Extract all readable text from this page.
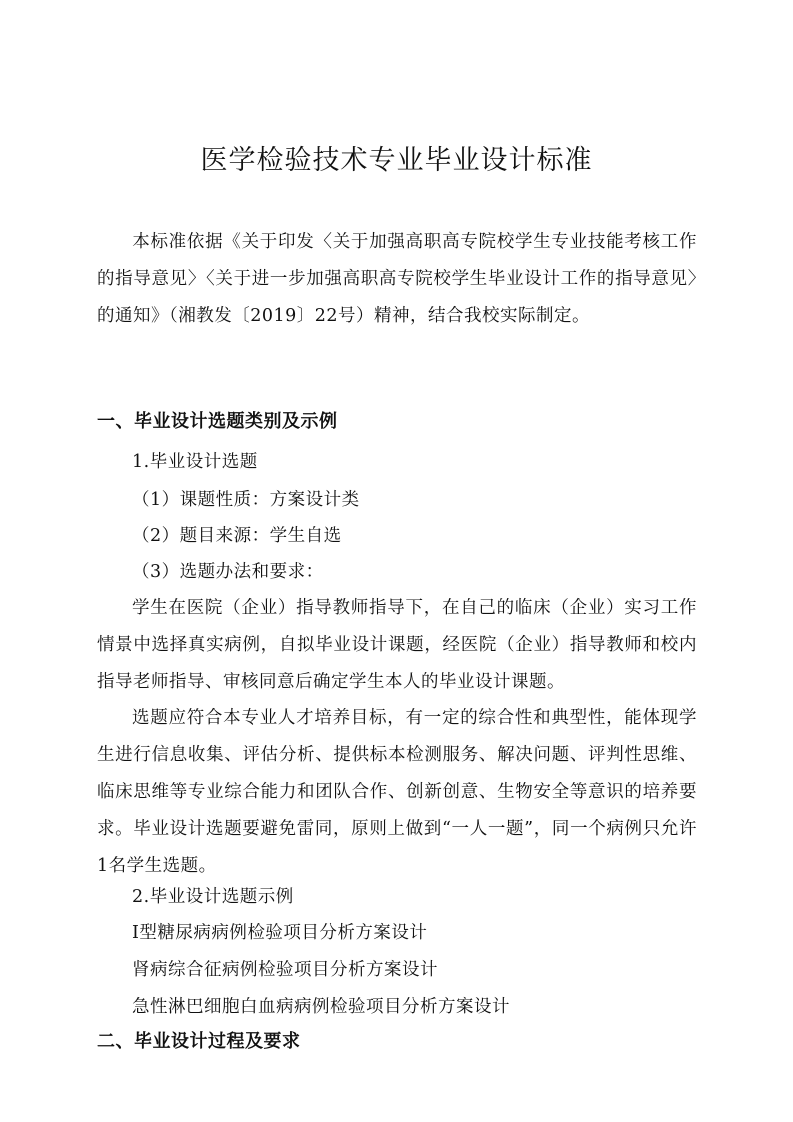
医学检验技术专业毕业设计标准

本标准依据《关于印发〈关于加强高职高专院校学生专业技能考核工作的指导意见〉〈关于进一步加强高职高专院校学生毕业设计工作的指导意见〉的通知》（湘教发〔2019〕22号）精神，结合我校实际制定。

一、毕业设计选题类别及示例
1.毕业设计选题
（1）课题性质：方案设计类
（2）题目来源：学生自选
（3）选题办法和要求：

学生在医院（企业）指导教师指导下，在自己的临床（企业）实习工作情景中选择真实病例，自拟毕业设计课题，经医院（企业）指导教师和校内指导老师指导、审核同意后确定学生本人的毕业设计课题。

选题应符合本专业人才培养目标，有一定的综合性和典型性，能体现学生进行信息收集、评估分析、提供标本检测服务、解决问题、评判性思维、临床思维等专业综合能力和团队合作、创新创意、生物安全等意识的培养要求。毕业设计选题要避免雷同，原则上做到“一人一题”，同一个病例只允许1名学生选题。

2.毕业设计选题示例
I型糖尿病病例检验项目分析方案设计
肾病综合征病例检验项目分析方案设计
急性淋巴细胞白血病病例检验项目分析方案设计
二、毕业设计过程及要求
